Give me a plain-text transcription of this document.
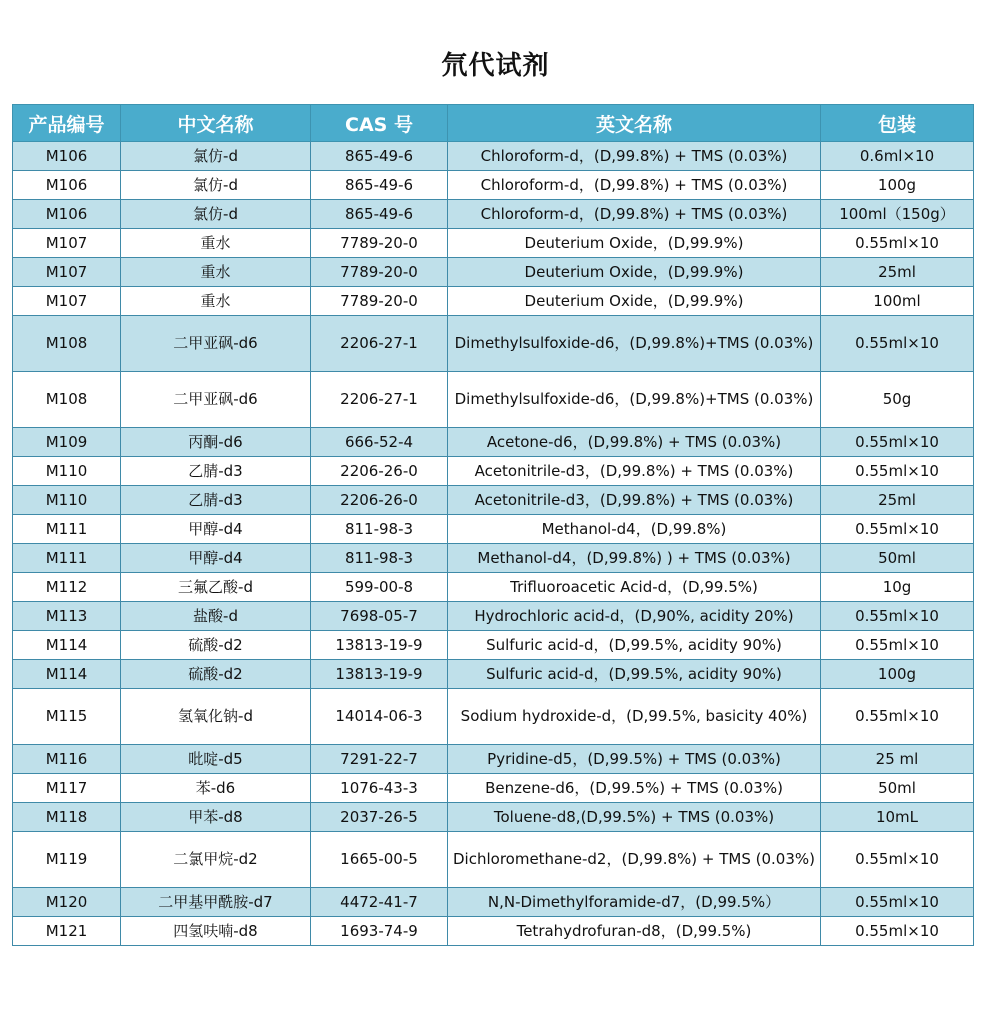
氘代试剂
产品编号	中文名称	CAS 号	英文名称	包装
M106	氯仿-d	865-49-6	Chloroform-d，(D,99.8%) + TMS (0.03%)	0.6ml×10
M106	氯仿-d	865-49-6	Chloroform-d，(D,99.8%) + TMS (0.03%)	100g
M106	氯仿-d	865-49-6	Chloroform-d，(D,99.8%) + TMS (0.03%)	100ml（150g）
M107	重水	7789-20-0	Deuterium Oxide，(D,99.9%)	0.55ml×10
M107	重水	7789-20-0	Deuterium Oxide，(D,99.9%)	25ml
M107	重水	7789-20-0	Deuterium Oxide，(D,99.9%)	100ml
M108	二甲亚砜-d6	2206-27-1	Dimethylsulfoxide-d6，(D,99.8%)+TMS (0.03%)	0.55ml×10
M108	二甲亚砜-d6	2206-27-1	Dimethylsulfoxide-d6，(D,99.8%)+TMS (0.03%)	50g
M109	丙酮-d6	666-52-4	Acetone-d6，(D,99.8%) + TMS (0.03%)	0.55ml×10
M110	乙腈-d3	2206-26-0	Acetonitrile-d3，(D,99.8%) + TMS (0.03%)	0.55ml×10
M110	乙腈-d3	2206-26-0	Acetonitrile-d3，(D,99.8%) + TMS (0.03%)	25ml
M111	甲醇-d4	811-98-3	Methanol-d4，(D,99.8%)	0.55ml×10
M111	甲醇-d4	811-98-3	Methanol-d4，(D,99.8%) ) + TMS (0.03%)	50ml
M112	三氟乙酸-d	599-00-8	Trifluoroacetic Acid-d，(D,99.5%)	10g
M113	盐酸-d	7698-05-7	Hydrochloric acid-d，(D,90%, acidity 20%)	0.55ml×10
M114	硫酸-d2	13813-19-9	Sulfuric acid-d，(D,99.5%, acidity 90%)	0.55ml×10
M114	硫酸-d2	13813-19-9	Sulfuric acid-d，(D,99.5%, acidity 90%)	100g
M115	氢氧化钠-d	14014-06-3	Sodium hydroxide-d，(D,99.5%, basicity 40%)	0.55ml×10
M116	吡啶-d5	7291-22-7	Pyridine-d5，(D,99.5%) + TMS (0.03%)	25 ml
M117	苯-d6	1076-43-3	Benzene-d6，(D,99.5%) + TMS (0.03%)	50ml
M118	甲苯-d8	2037-26-5	Toluene-d8,(D,99.5%) + TMS (0.03%)	10mL
M119	二氯甲烷-d2	1665-00-5	Dichloromethane-d2，(D,99.8%) + TMS (0.03%)	0.55ml×10
M120	二甲基甲酰胺-d7	4472-41-7	N,N-Dimethylforamide-d7，(D,99.5%）	0.55ml×10
M121	四氢呋喃-d8	1693-74-9	Tetrahydrofuran-d8，(D,99.5%)	0.55ml×10
